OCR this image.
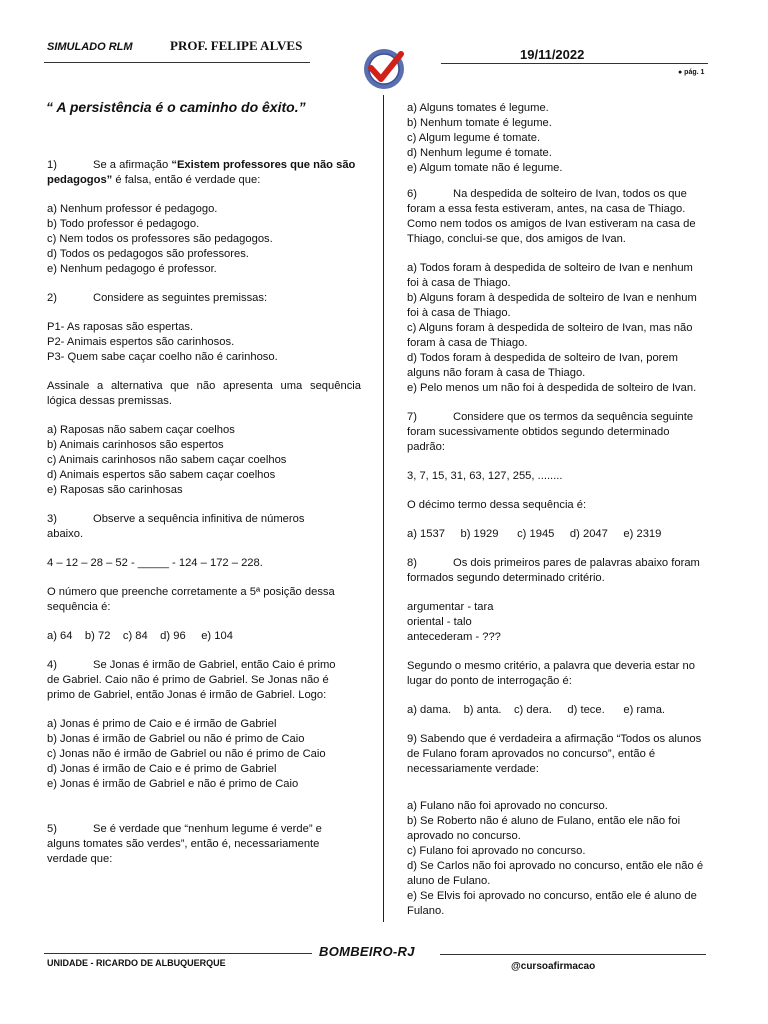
SIMULADO RLM	PROF. FELIPE ALVES
19/11/2022
● pág. 1
“ A persistência é o caminho do êxito.”

1)	Se a afirmação “Existem professores que não são

pedagogos” é falsa, então é verdade que:

a) Nenhum professor é pedagogo.

b) Todo professor é pedagogo.

c) Nem todos os professores são pedagogos.

d) Todos os pedagogos são professores.

e) Nenhum pedagogo é professor.

2)	Considere as seguintes premissas:

P1- As raposas são espertas.

P2- Animais espertos são carinhosos.

P3- Quem sabe caçar coelho não é carinhoso.

Assinale a alternativa que não apresenta uma sequência lógica dessas premissas.

a) Raposas não sabem caçar coelhos

b) Animais carinhosos são espertos

c) Animais carinhosos não sabem caçar coelhos

d) Animais espertos são sabem caçar coelhos

e) Raposas são carinhosas

3)	Observe a sequência infinitiva de números

abaixo.

4 – 12 – 28 – 52 - _____ - 124 – 172 – 228.

O número que preenche corretamente a 5ª posição dessa

sequência é:

a) 64    b) 72    c) 84    d) 96     e) 104

4)	Se Jonas é irmão de Gabriel, então Caio é primo

de Gabriel. Caio não é primo de Gabriel. Se Jonas não é

primo de Gabriel, então Jonas é irmão de Gabriel. Logo:

a) Jonas é primo de Caio e é irmão de Gabriel

b) Jonas é irmão de Gabriel ou não é primo de Caio

c) Jonas não é irmão de Gabriel ou não é primo de Caio

d) Jonas é irmão de Caio e é primo de Gabriel

e) Jonas é irmão de Gabriel e não é primo de Caio

5)	Se é verdade que “nenhum legume é verde” e

alguns tomates são verdes”, então é, necessariamente

verdade que:

a) Alguns tomates é legume.

b) Nenhum tomate é legume.

c) Algum legume é tomate.

d) Nenhum legume é tomate.

e) Algum tomate não é legume.

6)	Na despedida de solteiro de Ivan, todos os que

foram a essa festa estiveram, antes, na casa de Thiago.

Como nem todos os amigos de Ivan estiveram na casa de

Thiago, conclui-se que, dos amigos de Ivan.

a) Todos foram à despedida de solteiro de Ivan e nenhum

foi à casa de Thiago.

b) Alguns foram à despedida de solteiro de Ivan e nenhum

foi à casa de Thiago.

c) Alguns foram à despedida de solteiro de Ivan, mas não

foram à casa de Thiago.

d) Todos foram à despedida de solteiro de Ivan, porem

alguns não foram à casa de Thiago.

e) Pelo menos um não foi à despedida de solteiro de Ivan.

7)	Considere que os termos da sequência seguinte

foram sucessivamente obtidos segundo determinado

padrão:

3, 7, 15, 31, 63, 127, 255, ........

O décimo termo dessa sequência é:

a) 1537     b) 1929      c) 1945     d) 2047     e) 2319

8)	Os dois primeiros pares de palavras abaixo foram

formados segundo determinado critério.

argumentar - tara

oriental - talo

antecederam - ???

Segundo o mesmo critério, a palavra que deveria estar no

lugar do ponto de interrogação é:

a) dama.    b) anta.    c) dera.     d) tece.      e) rama.

9) Sabendo que é verdadeira a afirmação “Todos os alunos

de Fulano foram aprovados no concurso”, então é

necessariamente verdade:

a) Fulano não foi aprovado no concurso.

b) Se Roberto não é aluno de Fulano, então ele não foi

aprovado no concurso.

c) Fulano foi aprovado no concurso.

d) Se Carlos não foi aprovado no concurso, então ele não é

aluno de Fulano.

e) Se Elvis foi aprovado no concurso, então ele é aluno de

Fulano.

BOMBEIRO-RJ
UNIDADE - RICARDO DE ALBUQUERQUE	@cursoafirmacao
